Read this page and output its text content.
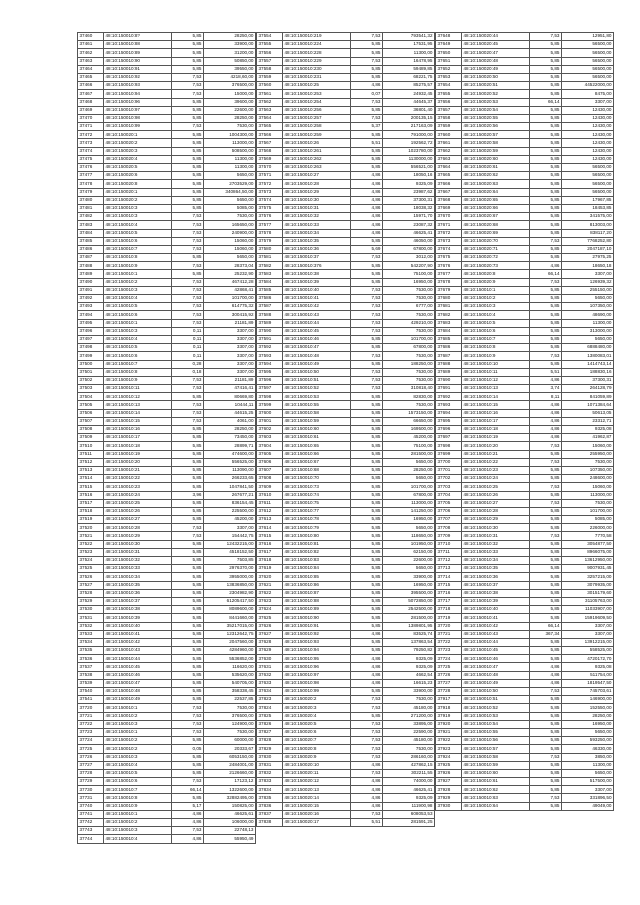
37460	48:10:150010:8?	5,85	28250,00
37461	48:10:150010:88	5,85	33900,00
37462	48:10:150010:89	5,85	31200,00
37463	48:10:150010:90	5,85	50850,00
37464	48:10:150010:91	5,85	39550,00
37465	48:10:150010:92	7,53	4218,60,00
37466	48:10:150010:93	7,53	376500,00
37467	48:10:150010:94	7,53	15000,00
37468	48:10:150010:96	5,85	39600,00
37469	48:10:150010:97	5,85	22600,00
37470	48:10:150010:98	5,85	28250,00
37471	48:10:150010:99	7,53	7530,00
37472	48:10:150020:1	5,85	1004300,00
37473	48:10:150020:2	5,85	113000,00
37474	48:10:150020:3	5,85	508500,00
37475	48:10:150020:4	5,85	11300,00
37476	48:10:150020:5	5,85	11300,00
37477	48:10:150020:6	5,85	5650,00
37478	48:10:150020:8	5,85	2703529,00
37479	48:10:150020:1	5,85	340864,50,00
37480	48:10:150020:2	5,85	5650,00
37481	48:10:150010:3	5,85	5085,00
37482	48:10:150010:3	7,53	7530,00
37483	48:10:150010:4	7,53	165650,00
37484	48:10:150010:5	7,53	240900,00
37485	48:10:150010:6	7,53	15060,00
37486	48:10:150010:7	7,53	15060,00
37487	48:10:150010:8	5,85	5650,00
37488	48:10:150010:9	7,53	28373,04
37489	48:10:150010:1	5,85	25232,90
37490	48:10:150010:2	7,53	467412,28
37491	48:10:150010:3	7,53	42868,41
37492	48:10:150010:4	7,53	101700,00
37493	48:10:150010:5	7,53	614775,32
37494	48:10:150010:6	7,53	300415,92
37495	48:10:150010:1	7,53	21181,89
37496	48:10:150010:3	0,11	3307,00
37497	48:10:150010:4	0,11	3307,00
37498	48:10:150010:5	0,11	3307,00
37499	48:10:150010:6	0,11	3307,00
37500	48:10:150010:7	0,28	3307,00
37501	48:10:150010:8	0,18	3307,00
37502	48:10:150010:9	7,53	21181,89
37503	48:10:150010:11	7,53	47416,41
37504	48:10:150010:12	5,85	80669,80
37505	48:10:150010:13	7,53	10444,11
37506	48:10:150010:14	7,53	44615,25
37507	48:10:150010:15	7,53	4061,00
37508	48:10:150010:16	5,85	28250,00
37509	48:10:150010:17	5,85	73450,00
37510	48:10:150010:18	5,85	28899,71
37511	48:10:150010:19	5,85	474600,00
37512	48:10:150010:20	5,85	556525,00
37513	48:10:150010:21	5,85	113090,00
37514	48:10:150010:22	5,85	266233,65
37515	48:10:150010:23	5,85	1047841,50
37516	48:10:150010:24	3,96	267677,21
37517	48:10:150010:25	5,85	836154,45
37518	48:10:150010:26	5,85	225500,00
37519	48:10:150010:27	5,85	45200,00
37520	48:10:150010:28	7,53	3307,00
37521	48:10:150010:29	7,53	154442,75
37522	48:10:150010:30	5,85	12432215,00
37523	48:10:150010:31	5,85	4518152,50
37524	48:10:150010:32	5,85	7503,85
37525	48:10:150010:33	5,85	2976370,00
37526	48:10:150010:34	5,85	3955000,00
37527	48:10:150010:35	5,85	13836850,00
37528	48:10:150010:36	5,85	2304982,90
37529	48:10:150010:37	5,85	61205417,50
37530	48:10:150010:38	5,85	8089600,00
37531	48:10:150010:39	5,85	8441660,00
37532	48:10:150010:40	5,85	35217015,00
37533	48:10:150010:41	5,85	12312642,75
37534	48:10:150010:42	5,85	2047560,00
37535	48:10:150010:43	5,85	4284960,00
37536	48:10:150010:44	5,85	5536852,00
37537	48:10:150010:45	5,85	116620,00
37538	48:10:150010:46	5,85	535620,00
37539	48:10:150010:47	5,85	540705,00
37540	48:10:150010:48	5,85	358338,45
37541	48:10:150010:49	5,85	22537,85
37720	48:10:150010:1	7,53	7530,00
37721	48:10:150010:2	7,53	376500,00
37722	48:10:150010:3	7,53	124900,00
37723	48:10:150010:1	7,53	7530,00
37724	48:10:150010:2	5,85	60000,00
37725	48:10:150010:2	0,05	20333,67
37726	48:10:150010:3	5,85	6053150,00
37727	48:10:150010:4	5,85	2484001,00
37728	48:10:150010:5	5,85	2126660,00
37729	48:10:150010:6	7,53	17123,12
37730	48:10:150010:7	66,14	1322600,00
37731	48:10:150010:8	5,85	32882495,00
37740	48:10:150010:9	5,17	150825,00
37741	48:10:150010:1	4,86	46625,61
37742	48:10:150010:2	4,86	106000,00
37743	48:10:150010:3	7,53	22748,13
37744	48:10:150010:4	4,86	55950,49
37554	48:10:150010:219	7,53	793541,32
37555	48:10:150010:224	5,85	17531,95
37556	48:10:150010:228	5,85	11300,00
37557	48:10:150010:229	7,53	16478,95
37558	48:10:150010:230	5,85	59489,85
37559	48:10:150010:231	5,85	68221,75
37560	48:10:150010:25	4,86	85275,57
37561	48:10:150010:253	0,07	24932,45
37562	48:10:150010:254	7,53	44645,37
37563	48:10:150010:256	5,85	36801,40
37564	48:10:150010:257	7,53	200135,15
37565	48:10:150010:258	5,37	217163,09
37566	48:10:150010:259	5,85	791000,00
37567	48:10:150010:26	5,51	192562,72
37568	48:10:150010:261	5,85	1023780,00
37569	48:10:150010:262	5,85	1130000,00
37570	48:10:150010:263	5,85	556521,00
37571	48:10:150010:27	4,86	18050,16
37572	48:10:150010:28	4,86	9325,09
37573	48:10:150010:29	4,86	23987,62
37574	48:10:150010:30	4,86	37300,31
37575	48:10:150010:31	4,86	18038,32
37576	48:10:150010:32	4,86	15971,70
37577	48:10:150010:33	4,86	23087,32
37578	48:10:150010:34	4,86	46625,41
37579	48:10:150010:35	5,85	46050,00
37580	48:10:150010:36	5,69	67800,00
37581	48:10:150010:37	7,53	3012,00
37582	48:10:150010:376	5,85	542207,90
37583	48:10:150010:38	5,85	75100,00
37584	48:10:150010:39	5,85	16950,00
37585	48:10:150010:40	7,53	7530,00
37586	48:10:150010:41	7,53	7530,00
37587	48:10:150010:42	7,53	6777,00
37588	48:10:150010:43	7,53	7530,00
37589	48:10:150010:44	7,53	429210,00
37590	48:10:150010:45	7,53	7530,00
37591	48:10:150010:46	5,85	101700,00
37592	48:10:150010:47	5,85	67800,00
37593	48:10:150010:48	7,53	7530,00
37594	48:10:150010:49	5,85	188250,00
37595	48:10:150010:50	7,53	7530,00
37596	48:10:150010:51	7,53	7530,00
37597	48:10:150010:52	7,53	310818,40
37598	48:10:150010:53	5,85	82830,00
37599	48:10:150010:55	5,85	7530,00
37600	48:10:150010:58	5,85	1573150,00
37601	48:10:150010:59	5,85	66650,00
37602	48:10:150010:60	5,85	169500,00
37603	48:10:150010:61	5,85	45200,00
37604	48:10:150010:65	5,85	75100,00
37605	48:10:150010:66	5,85	281500,00
37606	48:10:150010:67	5,85	5650,00
37607	48:10:150010:68	5,85	28250,00
37608	48:10:150010:70	5,85	5650,00
37609	48:10:150010:73	5,85	101700,00
37610	48:10:150010:74	5,85	67800,00
37611	48:10:150010:75	5,85	113000,00
37612	48:10:150010:77	5,85	141250,00
37613	48:10:150010:78	5,85	16950,00
37614	48:10:150010:79	5,85	5650,00
37615	48:10:150010:80	5,85	118650,00
37616	48:10:150010:81	5,85	101950,00
37617	48:10:150010:82	5,85	62150,00
37618	48:10:150010:83	5,85	22600,00
37619	48:10:150010:84	5,85	5650,00
37620	48:10:150010:85	5,85	33900,00
37621	48:10:150010:86	5,85	16950,00
37622	48:10:150010:87	5,85	395500,00
37623	48:10:150010:88	5,85	5072850,00
37624	48:10:150010:89	5,85	2542500,00
37625	48:10:150010:90	5,85	281500,00
37626	48:10:150010:91	5,85	1389801,95
37627	48:10:150010:92	4,86	83525,74
37628	48:10:150010:93	5,85	137863,54
37629	48:10:150010:94	5,85	79250,82
37630	48:10:150010:95	4,86	9325,09
37631	48:10:150010:96	4,86	9325,09
37632	48:10:150010:97	4,86	4662,54
37633	48:10:150010:98	4,86	16615,23
37634	48:10:150010:99	5,85	33900,00
37823	48:10:150020:2	7,53	7530,00
37824	48:10:150020:3	7,53	45180,00
37825	48:10:150020:4	5,85	271200,00
37826	48:10:150020:5	7,53	33895,00
37827	48:10:150020:6	7,53	22590,00
37828	48:10:150020:7	7,53	45180,00
37829	48:10:150020:8	7,53	7530,00
37830	48:10:150020:9	7,53	286160,00
37831	48:10:150020:10	4,86	427862,15
37832	48:10:150020:11	7,53	302211,55
37833	48:10:150020:12	4,86	74000,00
37834	48:10:150020:13	4,86	46625,41
37835	48:10:150020:14	4,86	9325,09
37836	48:10:150020:15	4,86	111900,98
37837	48:10:150020:16	7,53	608053,53
37838	48:10:150020:17	5,51	281591,25
37648	48:10:150020:44	7,53	12951,80
37649	48:10:150020:45	5,85	56500,00
37650	48:10:150020:47	5,85	56500,00
37651	48:10:150020:48	5,85	56500,00
37652	48:10:150020:49	5,85	56500,00
37653	48:10:150020:50	5,85	56500,00
37654	48:10:150020:51	5,85	44522000,00
37655	48:10:150020:52	5,85	8475,00
37656	48:10:150020:53	66,14	3307,00
37657	48:10:150020:54	5,85	12430,00
37658	48:10:150020:55	5,85	12430,00
37659	48:10:150020:56	5,85	12430,00
37660	48:10:150020:57	5,85	12430,00
37661	48:10:150020:58	5,85	12430,00
37662	48:10:150020:59	5,85	12430,00
37663	48:10:150020:60	5,85	12430,00
37664	48:10:150020:61	5,85	56500,00
37665	48:10:150020:62	5,85	56500,00
37666	48:10:150020:63	5,85	56500,00
37667	48:10:150020:64	5,85	56500,00
37668	48:10:150020:65	5,85	17967,85
37669	48:10:150020:66	5,85	18453,85
37670	48:10:150020:67	5,85	341575,00
37671	48:10:150020:68	5,85	813003,00
37672	48:10:150020:69	5,85	838117,20
37673	48:10:150020:70	7,53	7768252,80
37674	48:10:150020:71	5,85	2047187,10
37675	48:10:150020:72	5,85	27975,25
37676	48:10:150020:73	4,86	18650,18
37677	48:10:150020:8	66,14	3307,00
37678	48:10:150020:9	7,53	126939,32
37679	48:10:150010:1	5,85	255150,00
37680	48:10:150010:2	5,85	5650,00
37681	48:10:150010:3	5,85	107350,00
37682	48:10:150010:4	5,85	48690,00
37683	48:10:150010:5	5,85	11300,00
37684	48:10:150010:6	5,85	313000,00
37685	48:10:150010:7	5,85	5650,00
37686	48:10:150010:8	5,85	6888480,00
37687	48:10:150010:9	7,53	1380083,01
37688	48:10:150010:10	5,85	1414743,14
37689	48:10:150010:11	5,51	188830,16
37690	48:10:150010:12	4,86	37300,31
37691	48:10:150010:13	3,74	264128,79
37692	48:10:150010:14	8,11	841059,89
37693	48:10:150010:15	4,86	1071384,64
37694	48:10:150010:16	4,86	50613,05
37695	48:10:150010:17	4,86	23312,71
37696	48:10:150010:18	4,86	9325,08
37697	48:10:150010:19	4,86	41962,87
37698	48:10:150010:20	7,53	15060,00
37699	48:10:150010:21	5,85	255950,00
37700	48:10:150010:22	7,53	7530,00
37701	48:10:150010:23	5,85	107350,00
37702	48:10:150010:24	5,85	248600,00
37703	48:10:150010:25	7,53	15060,00
37704	48:10:150010:26	5,85	113000,00
37705	48:10:150010:27	7,53	7530,00
37706	48:10:150010:28	5,85	101700,00
37707	48:10:150010:29	5,85	5085,00
37708	48:10:150010:30	5,85	226000,00
37709	48:10:150010:31	7,53	7770,58
37710	48:10:150010:32	5,85	3054877,50
37711	48:10:150010:33	5,85	8966075,00
37712	48:10:150010:34	5,85	13612950,00
37713	48:10:150010:35	5,85	9007931,45
37714	48:10:150010:36	5,85	3257215,00
37715	48:10:150010:37	5,85	3079935,00
37716	48:10:150010:38	5,85	3015179,60
37717	48:10:150010:39	5,85	31105763,00
37718	48:10:150010:40	5,85	11033907,00
37719	48:10:150010:41	5,85	15919609,50
37720	48:10:150010:42	66,14	3307,00
37721	48:10:150010:43	367,34	3307,00
37722	48:10:150010:44	5,85	13912215,00
37723	48:10:150010:45	5,85	558525,00
37724	48:10:150010:46	5,85	4720172,70
37725	48:10:150010:47	4,86	9325,08
37726	48:10:150010:48	4,86	511754,00
37727	48:10:150010:49	4,86	1819547,50
37728	48:10:150010:50	7,53	745703,61
37917	48:10:150010:51	5,85	146900,00
37918	48:10:150010:52	5,85	152550,00
37919	48:10:150010:53	5,85	28250,00
37920	48:10:150010:54	5,85	16950,00
37921	48:10:150010:55	5,85	5650,00
37922	48:10:150010:56	5,85	593250,00
37923	48:10:150010:57	5,85	46330,00
37924	48:10:150010:58	7,53	3850,00
37925	48:10:150010:59	5,85	11300,00
37926	48:10:150010:60	5,85	5650,00
37927	48:10:150010:61	5,85	517500,00
37928	48:10:150010:62	5,85	3307,00
37929	48:10:150010:63	7,53	331896,50
37930	48:10:150010:64	5,85	49049,00
